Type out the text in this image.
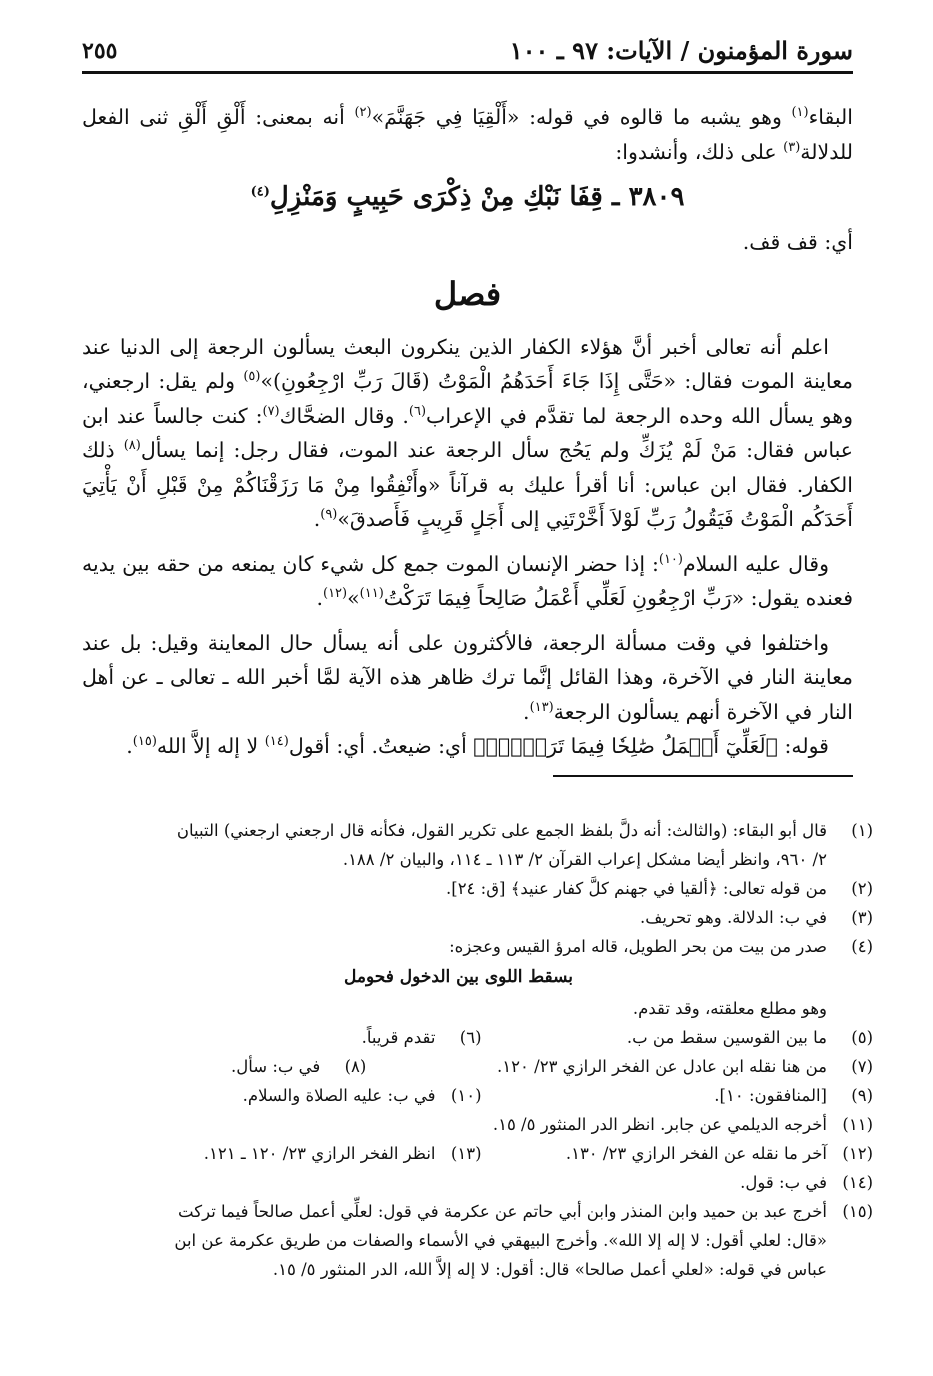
سورة المؤمنون / الآيات: ٩٧ ـ ١٠٠
٢٥٥

البقاء$^{(١)}$ وهو يشبه ما قالوه في قوله: «أَلْقِيَا فِي جَهَنَّمَ»$^{(٢)}$ أنه بمعنى: أَلْقِ أَلْقِ ثنى الفعل للدلالة$^{(٣)}$ على ذلك، وأنشدوا:

٣٨٠٩ ـ قِفَا نَبْكِ مِنْ ذِكْرَى حَبِيبٍ وَمَنْزِلِ$^{(٤)}$

أي: قف قف.

فصل

اعلم أنه تعالى أخبر أنَّ هؤلاء الكفار الذين ينكرون البعث يسألون الرجعة إلى الدنيا عند معاينة الموت فقال: «حَتَّى إِذَا جَاءَ أَحَدَهُمُ الْمَوْتُ (قَالَ رَبِّ ارْجِعُونِ)»$^{(٥)}$ ولم يقل: ارجعني، وهو يسأل الله وحده الرجعة لما تقدَّم في الإعراب$^{(٦)}$. وقال الضحَّاك$^{(٧)}$: كنت جالساً عند ابن عباس فقال: مَنْ لَمْ يُزَكِّ ولم يَحُج سأل الرجعة عند الموت، فقال رجل: إنما يسأل$^{(٨)}$ ذلك الكفار. فقال ابن عباس: أنا أقرأ عليك به قرآناً «وأَنْفِقُوا مِنْ مَا رَزَقْنَاكُمْ مِنْ قَبْلِ أَنْ يَأْتِيَ أَحَدَكُم الْمَوْتُ فَيَقُولُ رَبِّ لَوْلاَ أَخَّرْتَنِي إلى أَجَلٍ قَرِيبٍ فَأَصدقَ»$^{(٩)}$.

وقال عليه السلام$^{(١٠)}$: إذا حضر الإنسان الموت جمع كل شيء كان يمنعه من حقه بين يديه فعنده يقول: «رَبِّ ارْجِعُونِ لَعَلِّي أَعْمَلُ صَالِحاً فِيمَا تَرَكْتُ$^{(١١)}$»$^{(١٢)}$.

واختلفوا في وقت مسألة الرجعة، فالأكثرون على أنه يسأل حال المعاينة وقيل: بل عند معاينة النار في الآخرة، وهذا القائل إنَّما ترك ظاهر هذه الآية لمَّا أخبر الله ـ تعالى ـ عن أهل النار في الآخرة أنهم يسألون الرجعة$^{(١٣)}$.

قوله: ﴿لَعَلِّيٓ أَعۡمَلُ صَٰلِحٗا فِيمَا تَرَكۡتُۚ﴾ أي: ضيعتُ. أي: أقول$^{(١٤)}$ لا إله إلاَّ الله$^{(١٥)}$.

(١)
قال أبو البقاء: (والثالث: أنه دلَّ بلفظ الجمع على تكرير القول، فكأنه قال ارجعني ارجعني) التبيان
٢/ ٩٦٠، وانظر أيضا مشكل إعراب القرآن ٢/ ١١٣ ـ ١١٤، والبيان ٢/ ١٨٨.
(٢)
من قوله تعالى: ﴿ألقيا في جهنم كلَّ كفار عنيد﴾ [ق: ٢٤].
(٣)
في ب: الدلالة. وهو تحريف.
(٤)
صدر من بيت من بحر الطويل، قاله امرؤ القيس وعجزه:
بسقط اللوى بين الدخول فحومل
وهو مطلع معلقته، وقد تقدم.
(٥)
ما بين القوسين سقط من ب.
(٦)
تقدم قريباً.
(٧)
من هنا نقله ابن عادل عن الفخر الرازي ٢٣/ ١٢٠.
(٨)
في ب: سأل.
(٩)
[المنافقون: ١٠].
(١٠)
في ب: عليه الصلاة والسلام.
(١١)
أخرجه الديلمي عن جابر. انظر الدر المنثور ٥/ ١٥.
(١٢)
آخر ما نقله عن الفخر الرازي ٢٣/ ١٣٠.
(١٣)
انظر الفخر الرازي ٢٣/ ١٢٠ ـ ١٢١.
(١٤)
في ب: قول.
(١٥)
أخرج عبد بن حميد وابن المنذر وابن أبي حاتم عن عكرمة في قول: لعلِّي أعمل صالحاً فيما تركت
«قال: لعلي أقول: لا إله إلا الله». وأخرج البيهقي في الأسماء والصفات من طريق عكرمة عن ابن
عباس في قوله: «لعلي أعمل صالحا» قال: أقول: لا إله إلاَّ الله، الدر المنثور ٥/ ١٥.
